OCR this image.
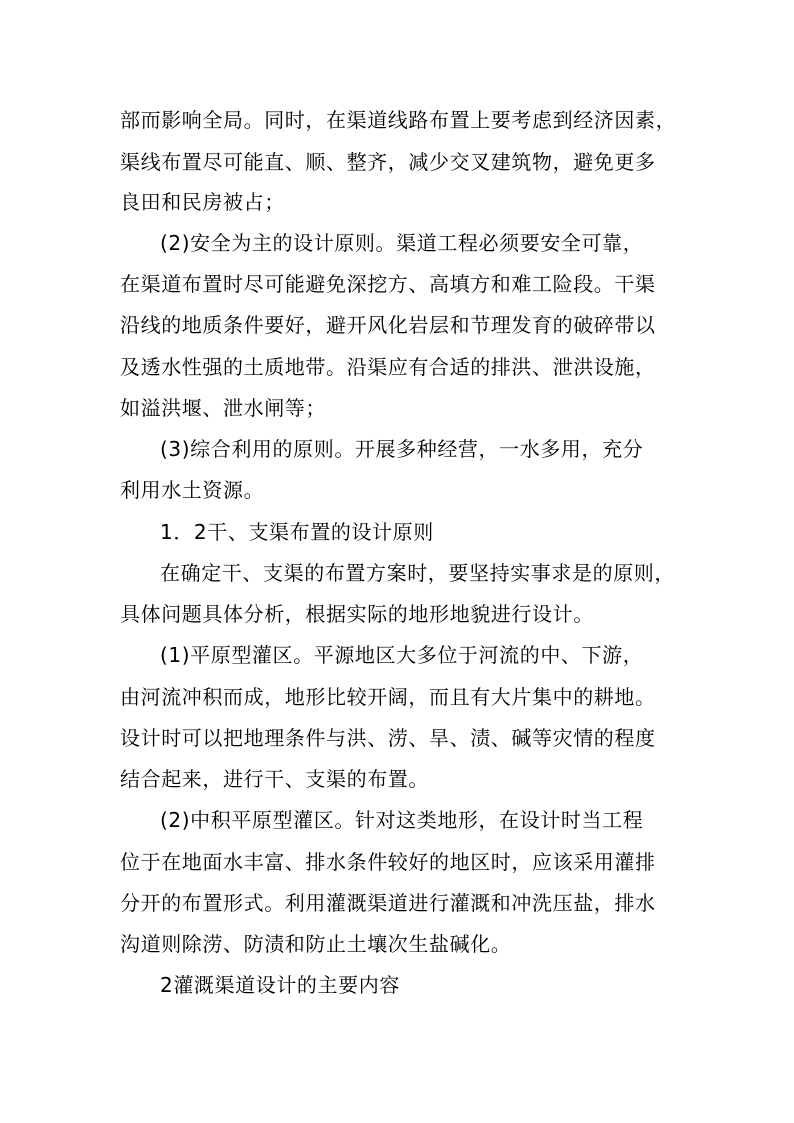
部而影响全局。同时，在渠道线路布置上要考虑到经济因素，
渠线布置尽可能直、顺、整齐，减少交叉建筑物，避免更多
良田和民房被占；
(2)安全为主的设计原则。渠道工程必须要安全可靠，
在渠道布置时尽可能避免深挖方、高填方和难工险段。干渠
沿线的地质条件要好，避开风化岩层和节理发育的破碎带以
及透水性强的土质地带。沿渠应有合适的排洪、泄洪设施，
如溢洪堰、泄水闸等；
(3)综合利用的原则。开展多种经营，一水多用，充分
利用水土资源。
1．2干、支渠布置的设计原则
在确定干、支渠的布置方案时，要坚持实事求是的原则，
具体问题具体分析，根据实际的地形地貌进行设计。
(1)平原型灌区。平源地区大多位于河流的中、下游，
由河流冲积而成，地形比较开阔，而且有大片集中的耕地。
设计时可以把地理条件与洪、涝、旱、渍、碱等灾情的程度
结合起来，进行干、支渠的布置。
(2)中积平原型灌区。针对这类地形，在设计时当工程
位于在地面水丰富、排水条件较好的地区时，应该采用灌排
分开的布置形式。利用灌溉渠道进行灌溉和冲洗压盐，排水
沟道则除涝、防渍和防止土壤次生盐碱化。
2灌溉渠道设计的主要内容
